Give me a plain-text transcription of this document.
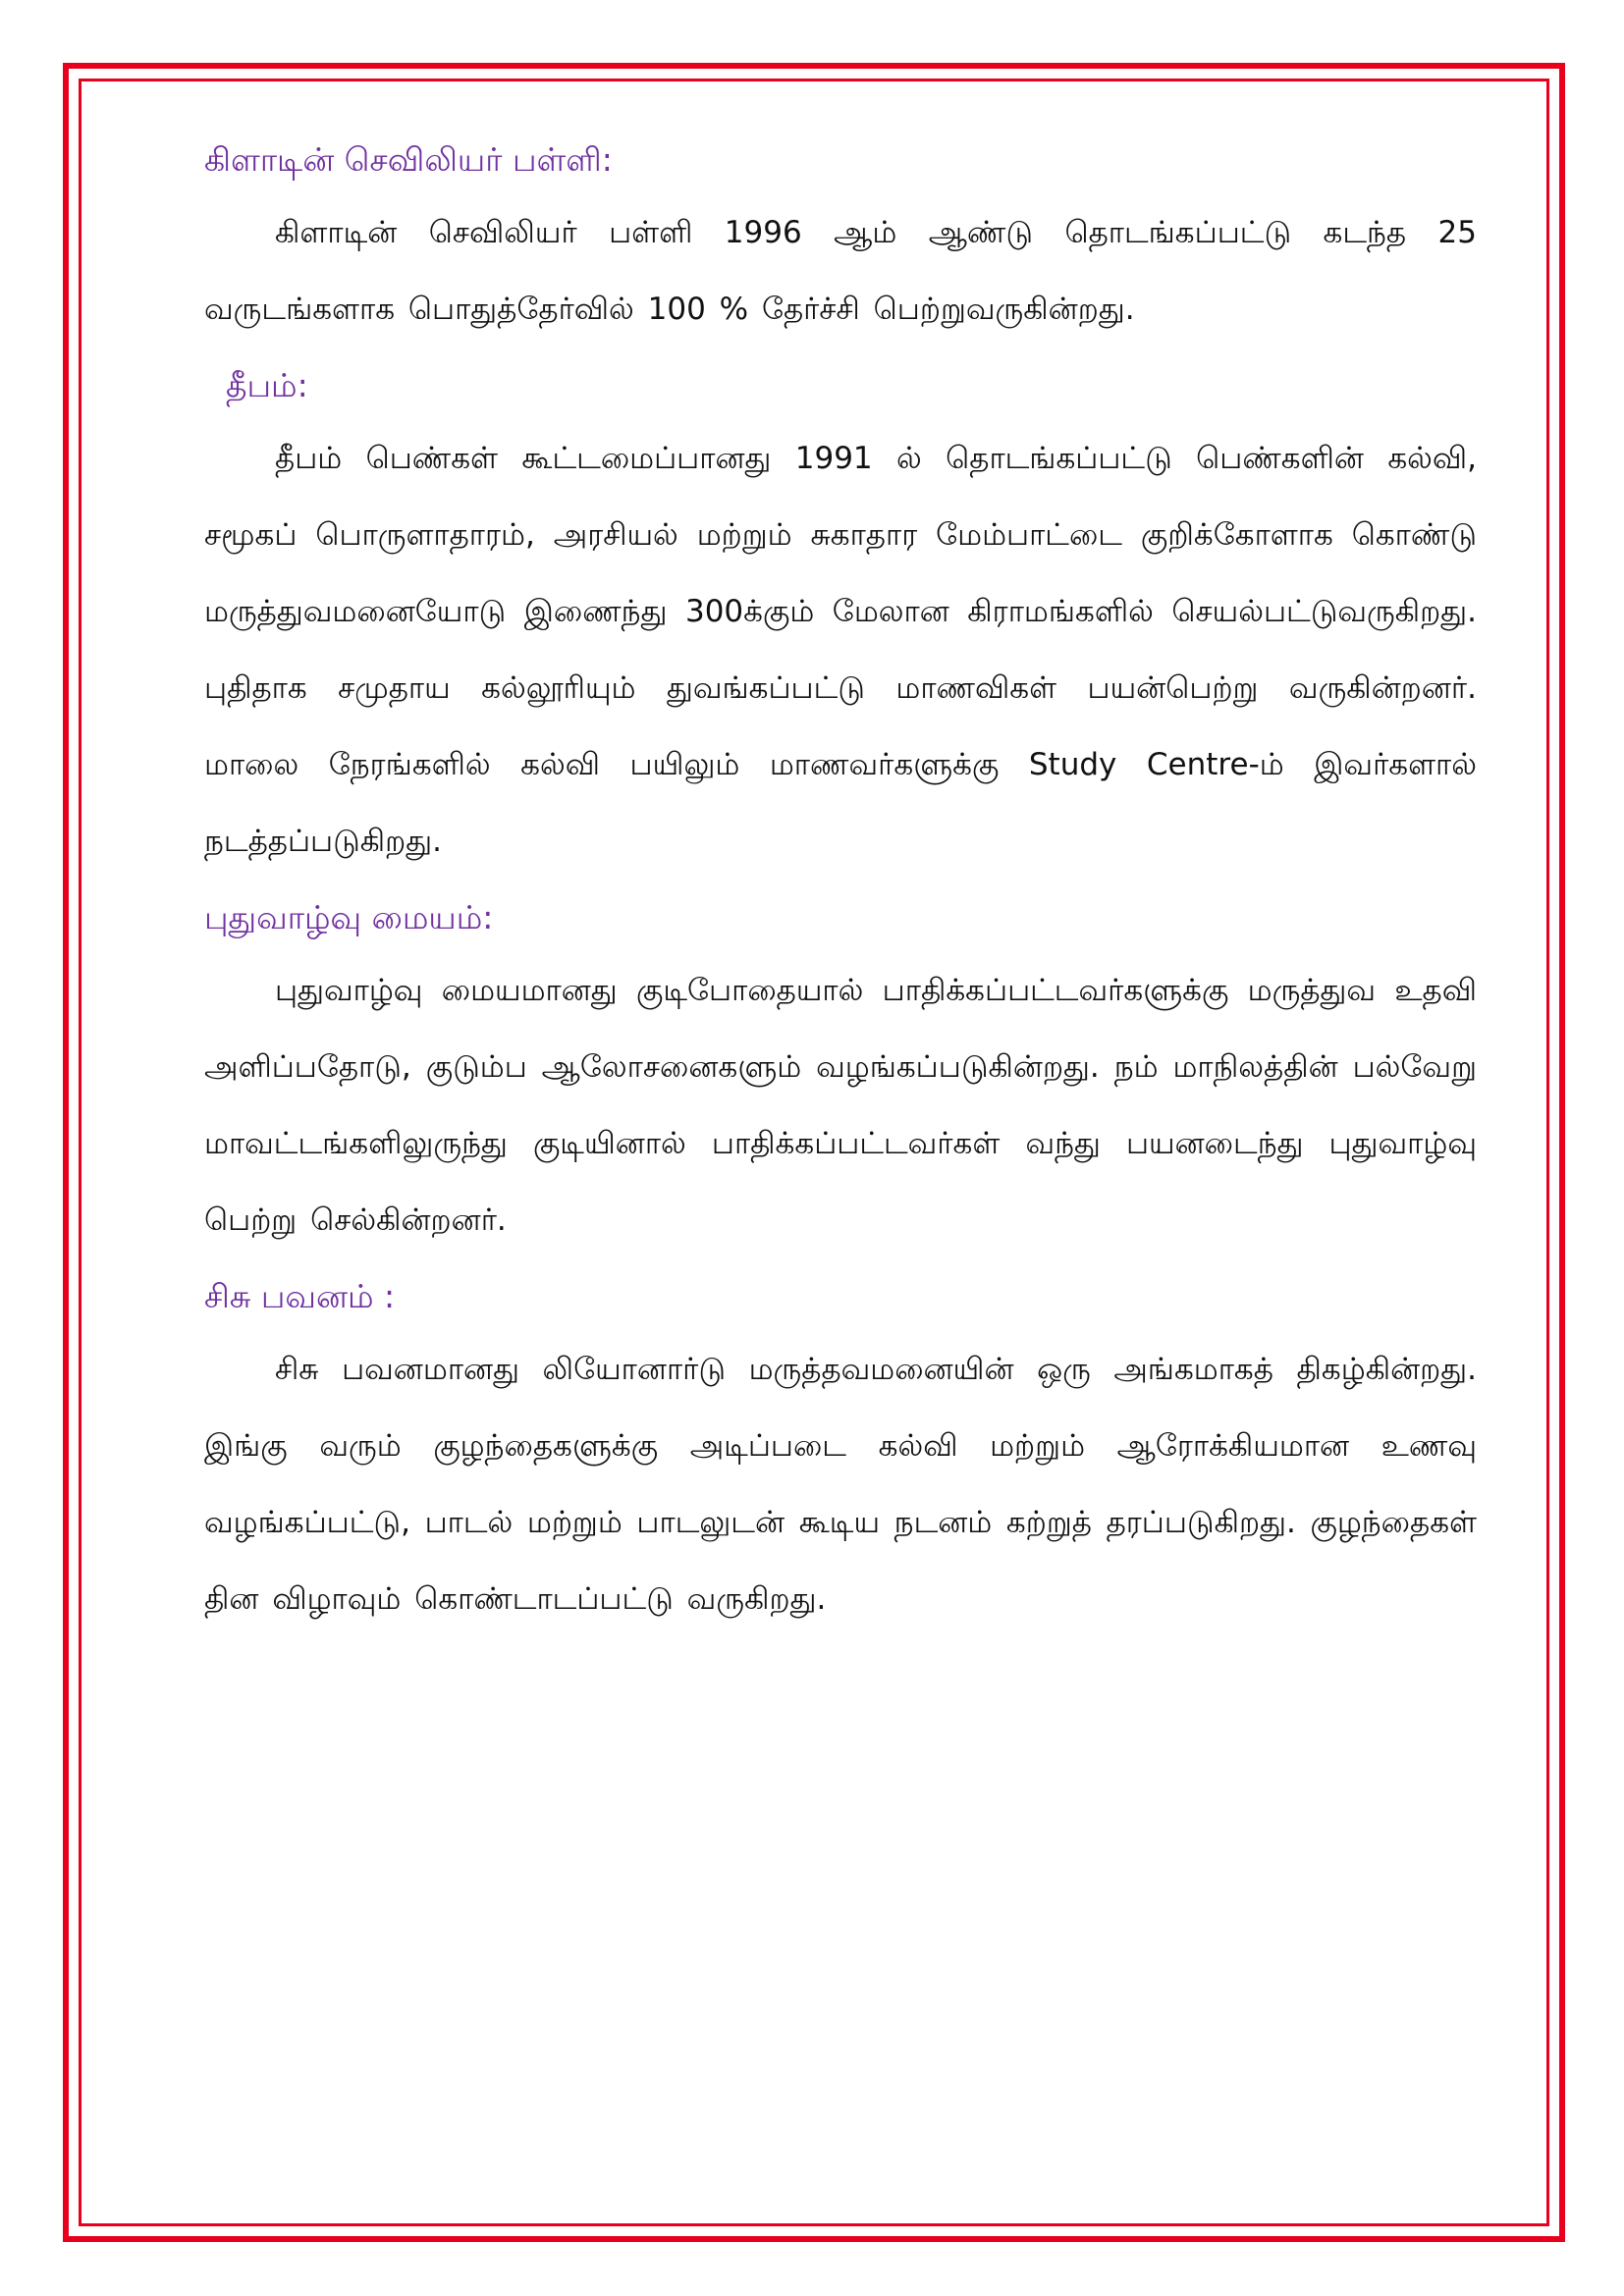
கிளாடின் செவிலியர் பள்ளி:

கிளாடின் செவிலியர் பள்ளி 1996 ஆம் ஆண்டு தொடங்கப்பட்டு கடந்த 25 வருடங்களாக பொதுத்தேர்வில் 100 % தேர்ச்சி பெற்றுவருகின்றது.

தீபம்:

தீபம் பெண்கள் கூட்டமைப்பானது 1991 ல் தொடங்கப்பட்டு பெண்களின் கல்வி, சமூகப் பொருளாதாரம், அரசியல் மற்றும் சுகாதார மேம்பாட்டை குறிக்கோளாக கொண்டு மருத்துவமனையோடு இணைந்து 300க்கும் மேலான கிராமங்களில் செயல்பட்டுவருகிறது. புதிதாக சமுதாய கல்லூரியும் துவங்கப்பட்டு மாணவிகள் பயன்பெற்று வருகின்றனர். மாலை நேரங்களில் கல்வி பயிலும் மாணவர்களுக்கு Study Centre-ம் இவர்களால் நடத்தப்படுகிறது.

புதுவாழ்வு மையம்:

புதுவாழ்வு மையமானது குடிபோதையால் பாதிக்கப்பட்டவர்களுக்கு மருத்துவ உதவி அளிப்பதோடு, குடும்ப ஆலோசனைகளும் வழங்கப்படுகின்றது. நம் மாநிலத்தின் பல்வேறு மாவட்டங்களிலுருந்து குடியினால் பாதிக்கப்பட்டவர்கள் வந்து பயனடைந்து புதுவாழ்வு பெற்று செல்கின்றனர்.

சிசு பவனம் :

சிசு பவனமானது லியோனார்டு மருத்தவமனையின் ஒரு அங்கமாகத் திகழ்கின்றது. இங்கு வரும் குழந்தைகளுக்கு அடிப்படை கல்வி மற்றும் ஆரோக்கியமான உணவு வழங்கப்பட்டு, பாடல் மற்றும் பாடலுடன் கூடிய நடனம் கற்றுத் தரப்படுகிறது. குழந்தைகள் தின விழாவும் கொண்டாடப்பட்டு வருகிறது.
